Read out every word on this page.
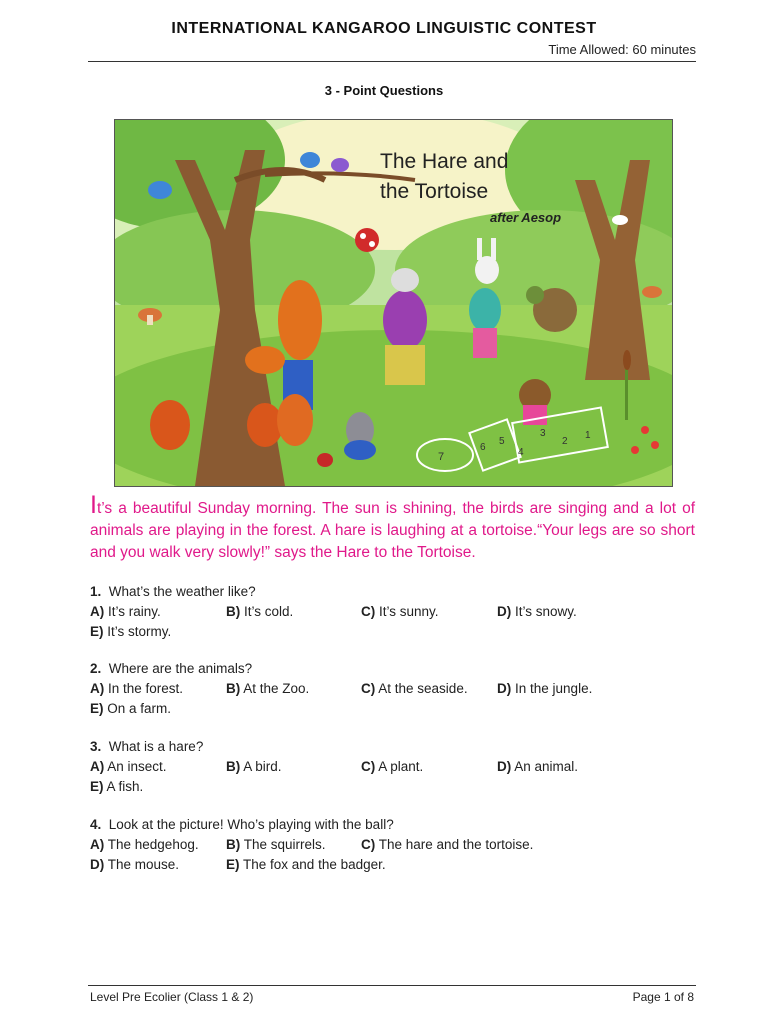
INTERNATIONAL KANGAROO LINGUISTIC CONTEST
Time Allowed: 60 minutes
3 - Point Questions
7
6
5
4
3
2
1
The Hare and
the Tortoise
after Aesop
It’s a beautiful Sunday morning. The sun is shining, the birds are singing and a lot of animals are playing in the forest. A hare is laughing at a tortoise.“Your legs are so short and you walk very slowly!” says the Hare to the Tortoise.
1. What’s the weather like?
A) It’s rainy.	B) It’s cold.	C) It’s sunny.	D) It’s snowy.
E) It’s stormy.
2. Where are the animals?
A) In the forest.	B) At the Zoo.	C) At the seaside. D) In the jungle.
E) On a farm.
3. What is a hare?
A) An insect.	B) A bird.	C) A plant.	D) An animal.
E) A fish.
4. Look at the picture! Who’s playing with the ball?
A) The hedgehog. B) The squirrels.	C) The hare and the tortoise.
D) The mouse.	E) The fox and the badger.
Level Pre Ecolier (Class 1 & 2)	Page 1 of 8
